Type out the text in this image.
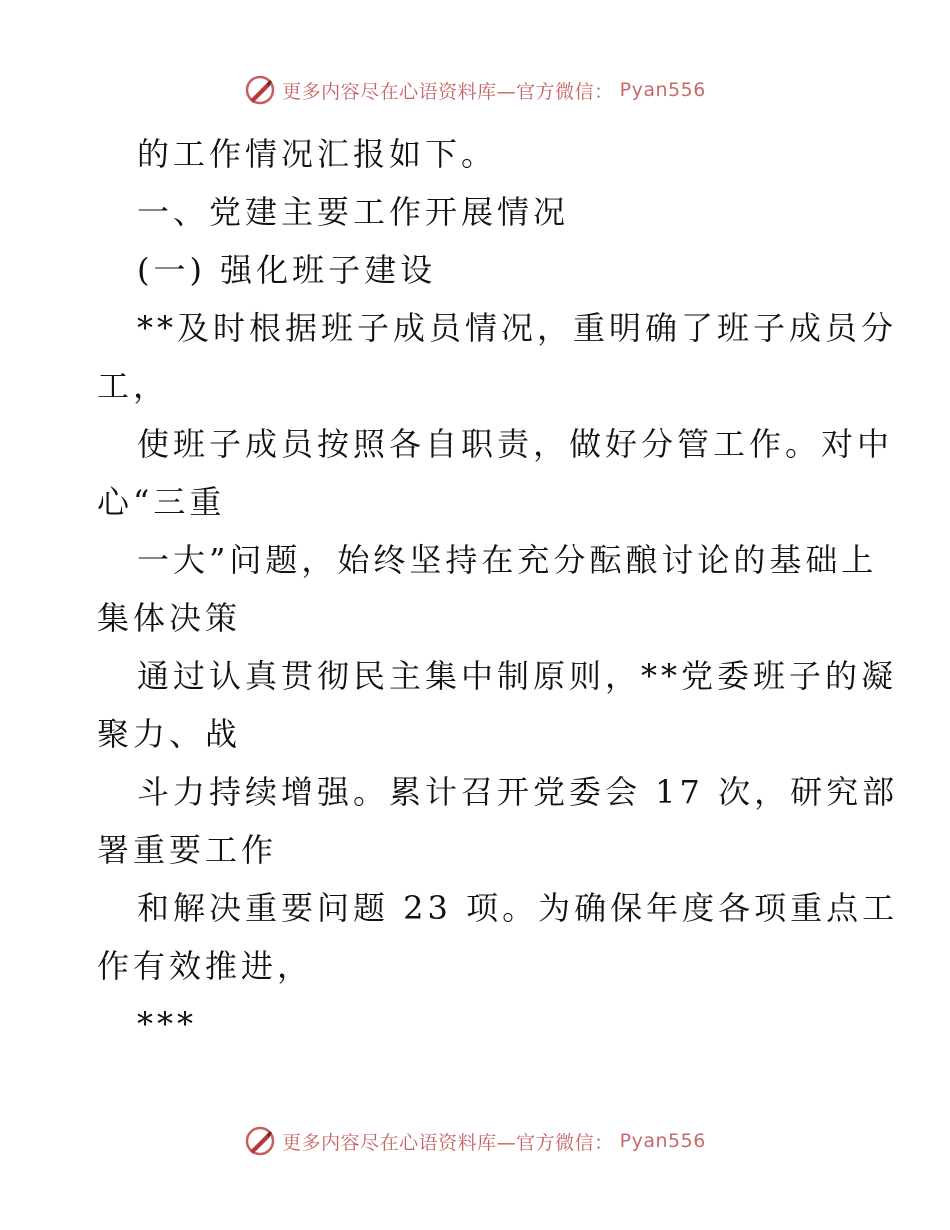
更多内容尽在心语资料库—官方微信： Pyan556
的工作情况汇报如下。
一、党建主要工作开展情况
(一) 强化班子建设
**及时根据班子成员情况，重明确了班子成员分
工，
使班子成员按照各自职责，做好分管工作。对中
心“三重
一大”问题，始终坚持在充分酝酿讨论的基础上
集体决策
通过认真贯彻民主集中制原则，**党委班子的凝
聚力、战
斗力持续增强。累计召开党委会 17 次，研究部
署重要工作
和解决重要问题 23 项。为确保年度各项重点工
作有效推进，
***
更多内容尽在心语资料库—官方微信： Pyan556
